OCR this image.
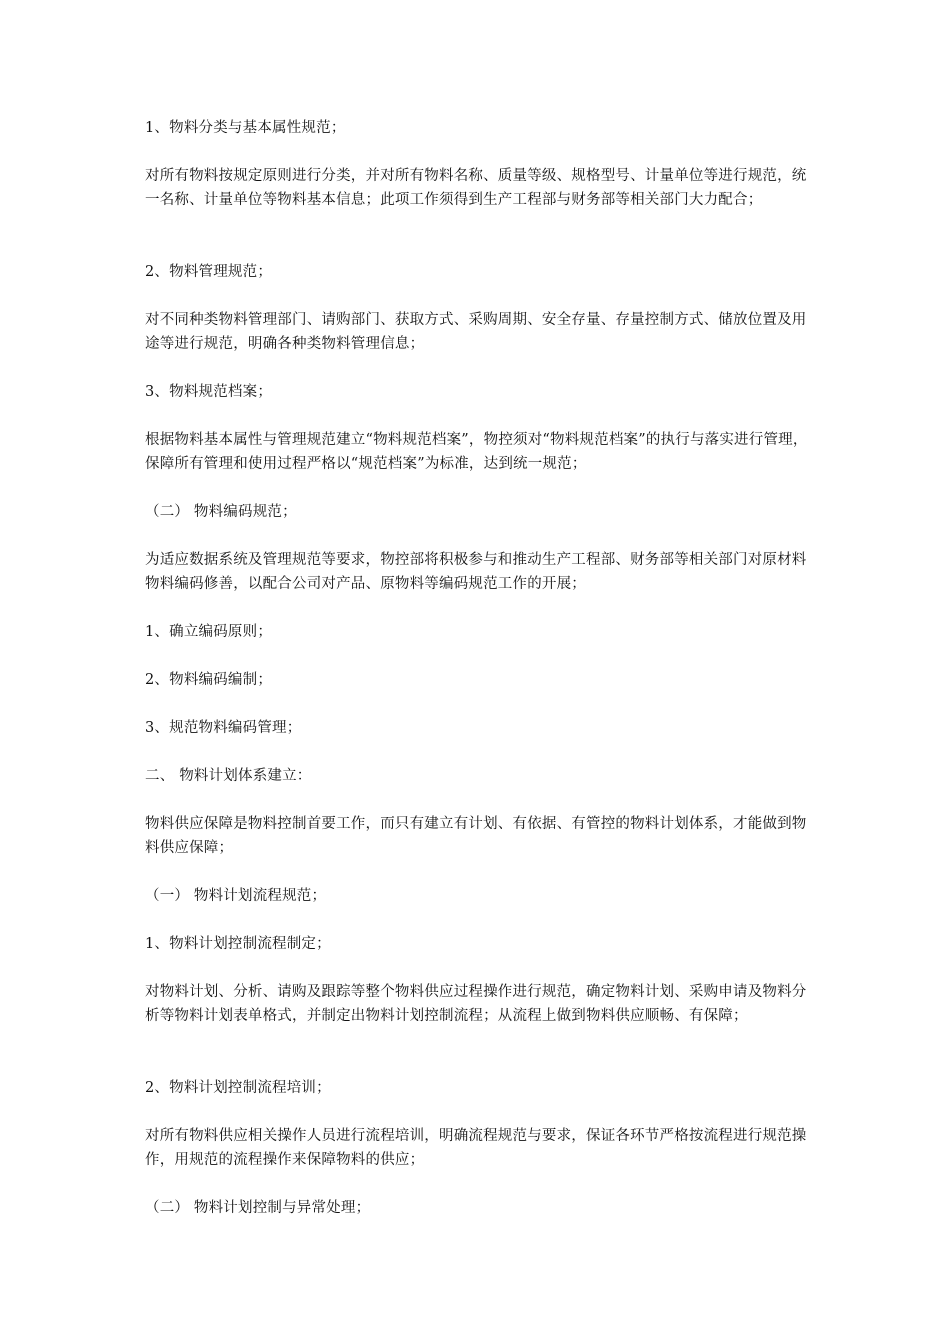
1、物料分类与基本属性规范；

对所有物料按规定原则进行分类，并对所有物料名称、质量等级、规格型号、计量单位等进行规范，统一名称、计量单位等物料基本信息；此项工作须得到生产工程部与财务部等相关部门大力配合；

2、物料管理规范；

对不同种类物料管理部门、请购部门、获取方式、采购周期、安全存量、存量控制方式、储放位置及用途等进行规范，明确各种类物料管理信息；

3、物料规范档案；

根据物料基本属性与管理规范建立“物料规范档案”，物控须对“物料规范档案”的执行与落实进行管理，保障所有管理和使用过程严格以“规范档案”为标准，达到统一规范；

（二） 物料编码规范；

为适应数据系统及管理规范等要求，物控部将积极参与和推动生产工程部、财务部等相关部门对原材料物料编码修善，以配合公司对产品、原物料等编码规范工作的开展；

1、确立编码原则；

2、物料编码编制；

3、规范物料编码管理；

二、 物料计划体系建立：

物料供应保障是物料控制首要工作，而只有建立有计划、有依据、有管控的物料计划体系，才能做到物料供应保障；

（一） 物料计划流程规范；

1、物料计划控制流程制定；

对物料计划、分析、请购及跟踪等整个物料供应过程操作进行规范，确定物料计划、采购申请及物料分析等物料计划表单格式，并制定出物料计划控制流程；从流程上做到物料供应顺畅、有保障；

2、物料计划控制流程培训；

对所有物料供应相关操作人员进行流程培训，明确流程规范与要求，保证各环节严格按流程进行规范操作，用规范的流程操作来保障物料的供应；

（二） 物料计划控制与异常处理；
